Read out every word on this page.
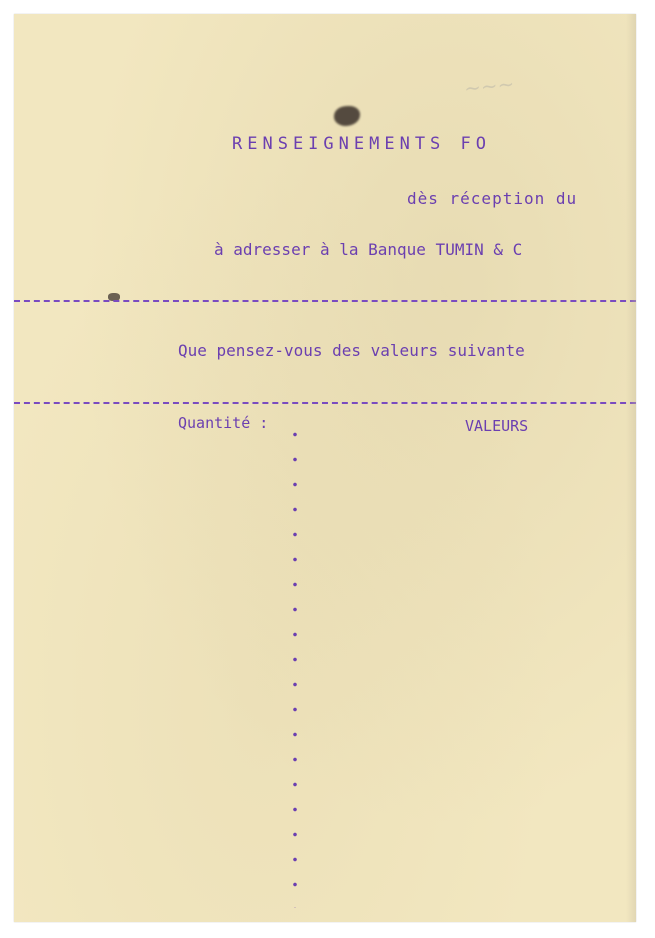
~~~
RENSEIGNEMENTS FO
dès réception du
à adresser à la Banque TUMIN & C
Que pensez-vous des valeurs suivante
Quantité :	VALEURS
